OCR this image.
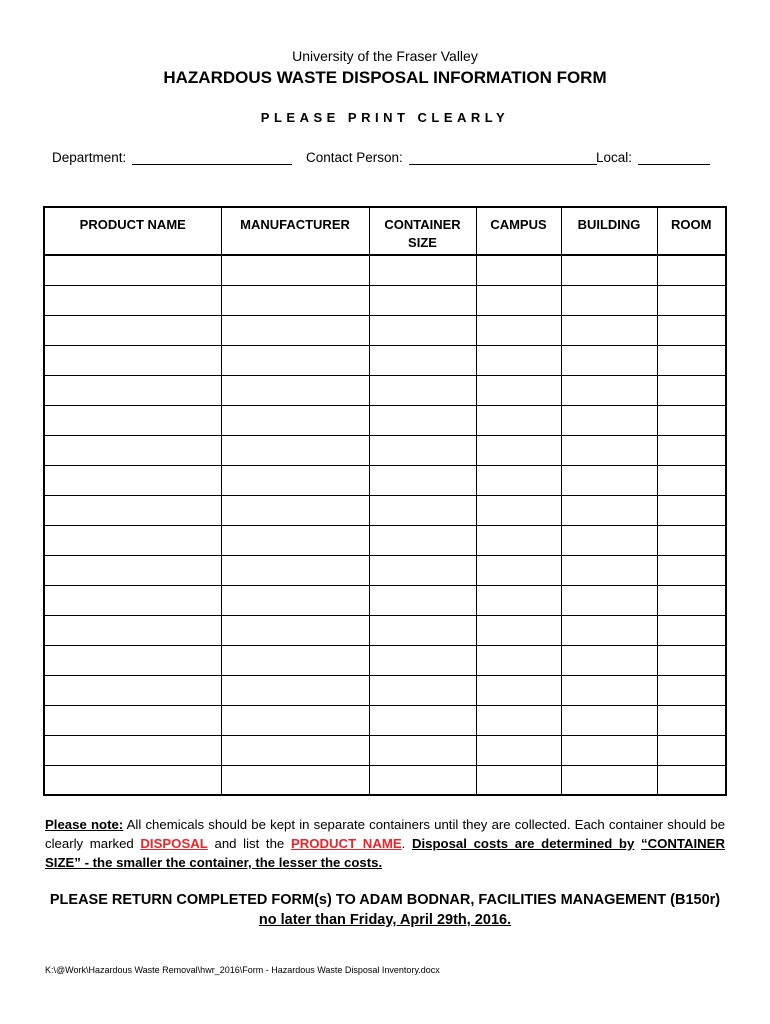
University of the Fraser Valley
HAZARDOUS WASTE DISPOSAL INFORMATION FORM
PLEASE PRINT CLEARLY
Department:	Contact Person:	Local:
PRODUCT NAME	MANUFACTURER	CONTAINER SIZE	CAMPUS	BUILDING	ROOM

Please note: All chemicals should be kept in separate containers until they are collected. Each container should be clearly marked DISPOSAL and list the PRODUCT NAME. Disposal costs are determined by “CONTAINER SIZE” - the smaller the container, the lesser the costs.
PLEASE RETURN COMPLETED FORM(s) TO ADAM BODNAR, FACILITIES MANAGEMENT (B150r)
no later than Friday, April 29th, 2016.
K:\@Work\Hazardous Waste Removal\hwr_2016\Form - Hazardous Waste Disposal Inventory.docx
